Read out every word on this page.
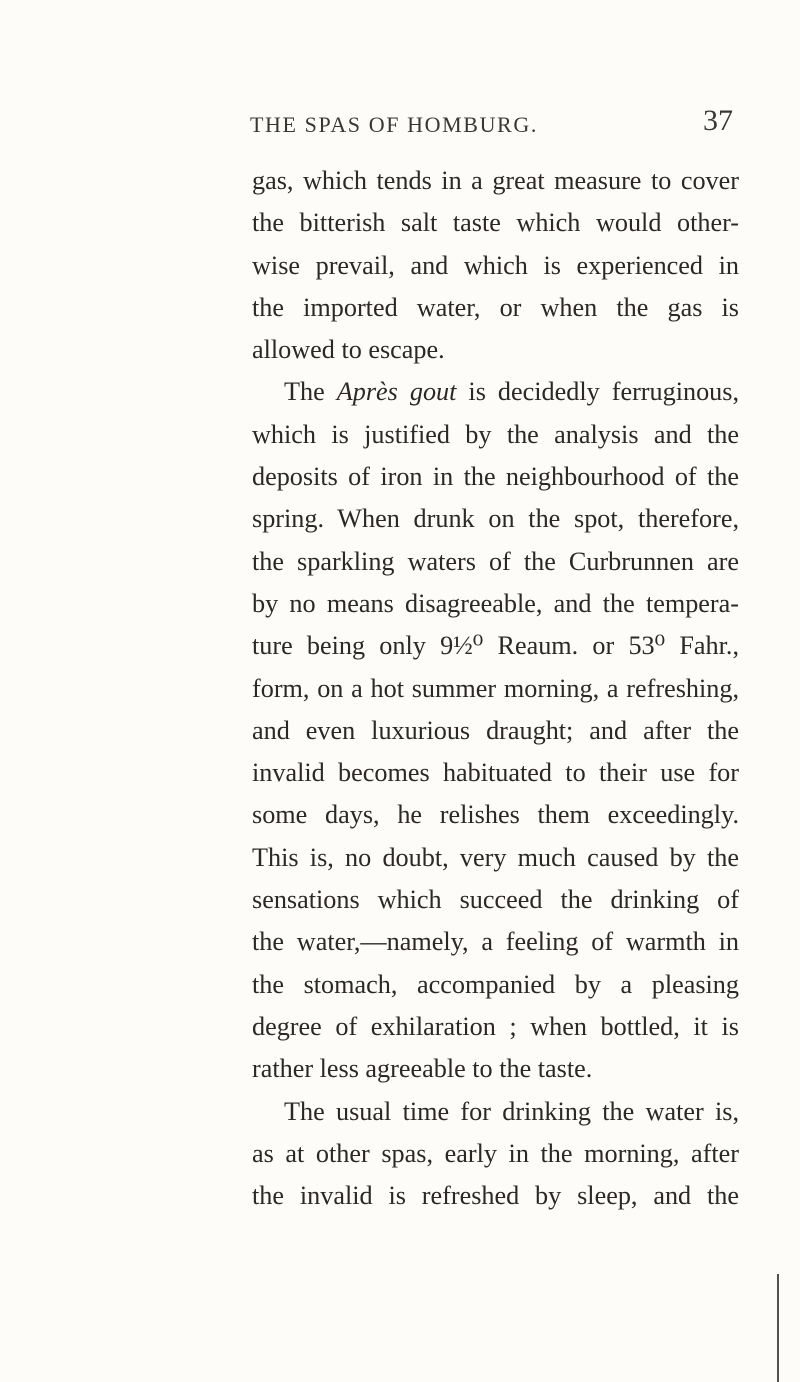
THE SPAS OF HOMBURG.	37
gas, which tends in a great measure to cover
the bitterish salt taste which would other-
wise prevail, and which is experienced in
the imported water, or when the gas is
allowed to escape.
The Après gout is decidedly ferruginous,
which is justified by the analysis and the
deposits of iron in the neighbourhood of the
spring. When drunk on the spot, therefore,
the sparkling waters of the Curbrunnen are
by no means disagreeable, and the tempera-
ture being only 9½⁰ Reaum. or 53⁰ Fahr.,
form, on a hot summer morning, a refreshing,
and even luxurious draught; and after the
invalid becomes habituated to their use for
some days, he relishes them exceedingly.
This is, no doubt, very much caused by the
sensations which succeed the drinking of
the water,—namely, a feeling of warmth in
the stomach, accompanied by a pleasing
degree of exhilaration ; when bottled, it is
rather less agreeable to the taste.
The usual time for drinking the water is,
as at other spas, early in the morning, after
the invalid is refreshed by sleep, and the
